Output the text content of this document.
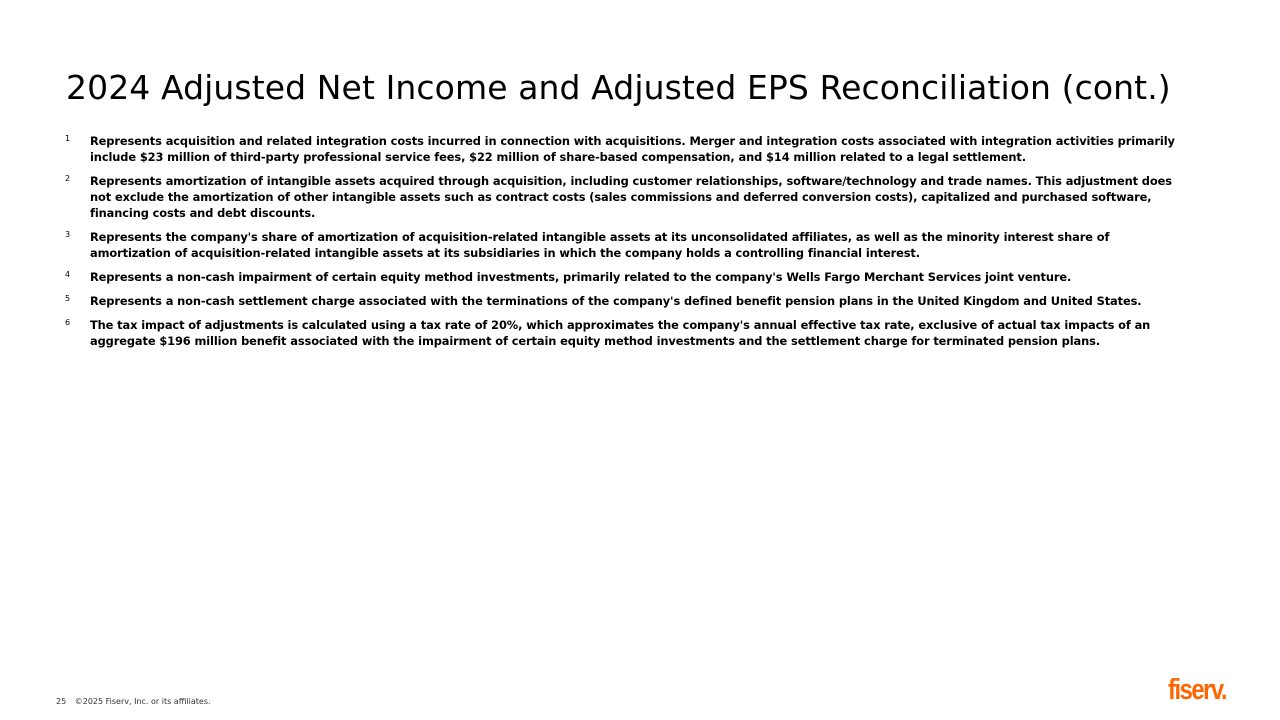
2024 Adjusted Net Income and Adjusted EPS Reconciliation (cont.)
1	Represents acquisition and related integration costs incurred in connection with acquisitions. Merger and integration costs associated with integration activities primarily include $23 million of third-party professional service fees, $22 million of share-based compensation, and $14 million related to a legal settlement.
2	Represents amortization of intangible assets acquired through acquisition, including customer relationships, software/technology and trade names. This adjustment does not exclude the amortization of other intangible assets such as contract costs (sales commissions and deferred conversion costs), capitalized and purchased software, financing costs and debt discounts.
3	Represents the company's share of amortization of acquisition-related intangible assets at its unconsolidated affiliates, as well as the minority interest share of amortization of acquisition-related intangible assets at its subsidiaries in which the company holds a controlling financial interest.
4	Represents a non-cash impairment of certain equity method investments, primarily related to the company's Wells Fargo Merchant Services joint venture.
5	Represents a non-cash settlement charge associated with the terminations of the company's defined benefit pension plans in the United Kingdom and United States.
6	The tax impact of adjustments is calculated using a tax rate of 20%, which approximates the company's annual effective tax rate, exclusive of actual tax impacts of an aggregate $196 million benefit associated with the impairment of certain equity method investments and the settlement charge for terminated pension plans.
25 ©2025 Fiserv, Inc. or its affiliates.	fiserv.
